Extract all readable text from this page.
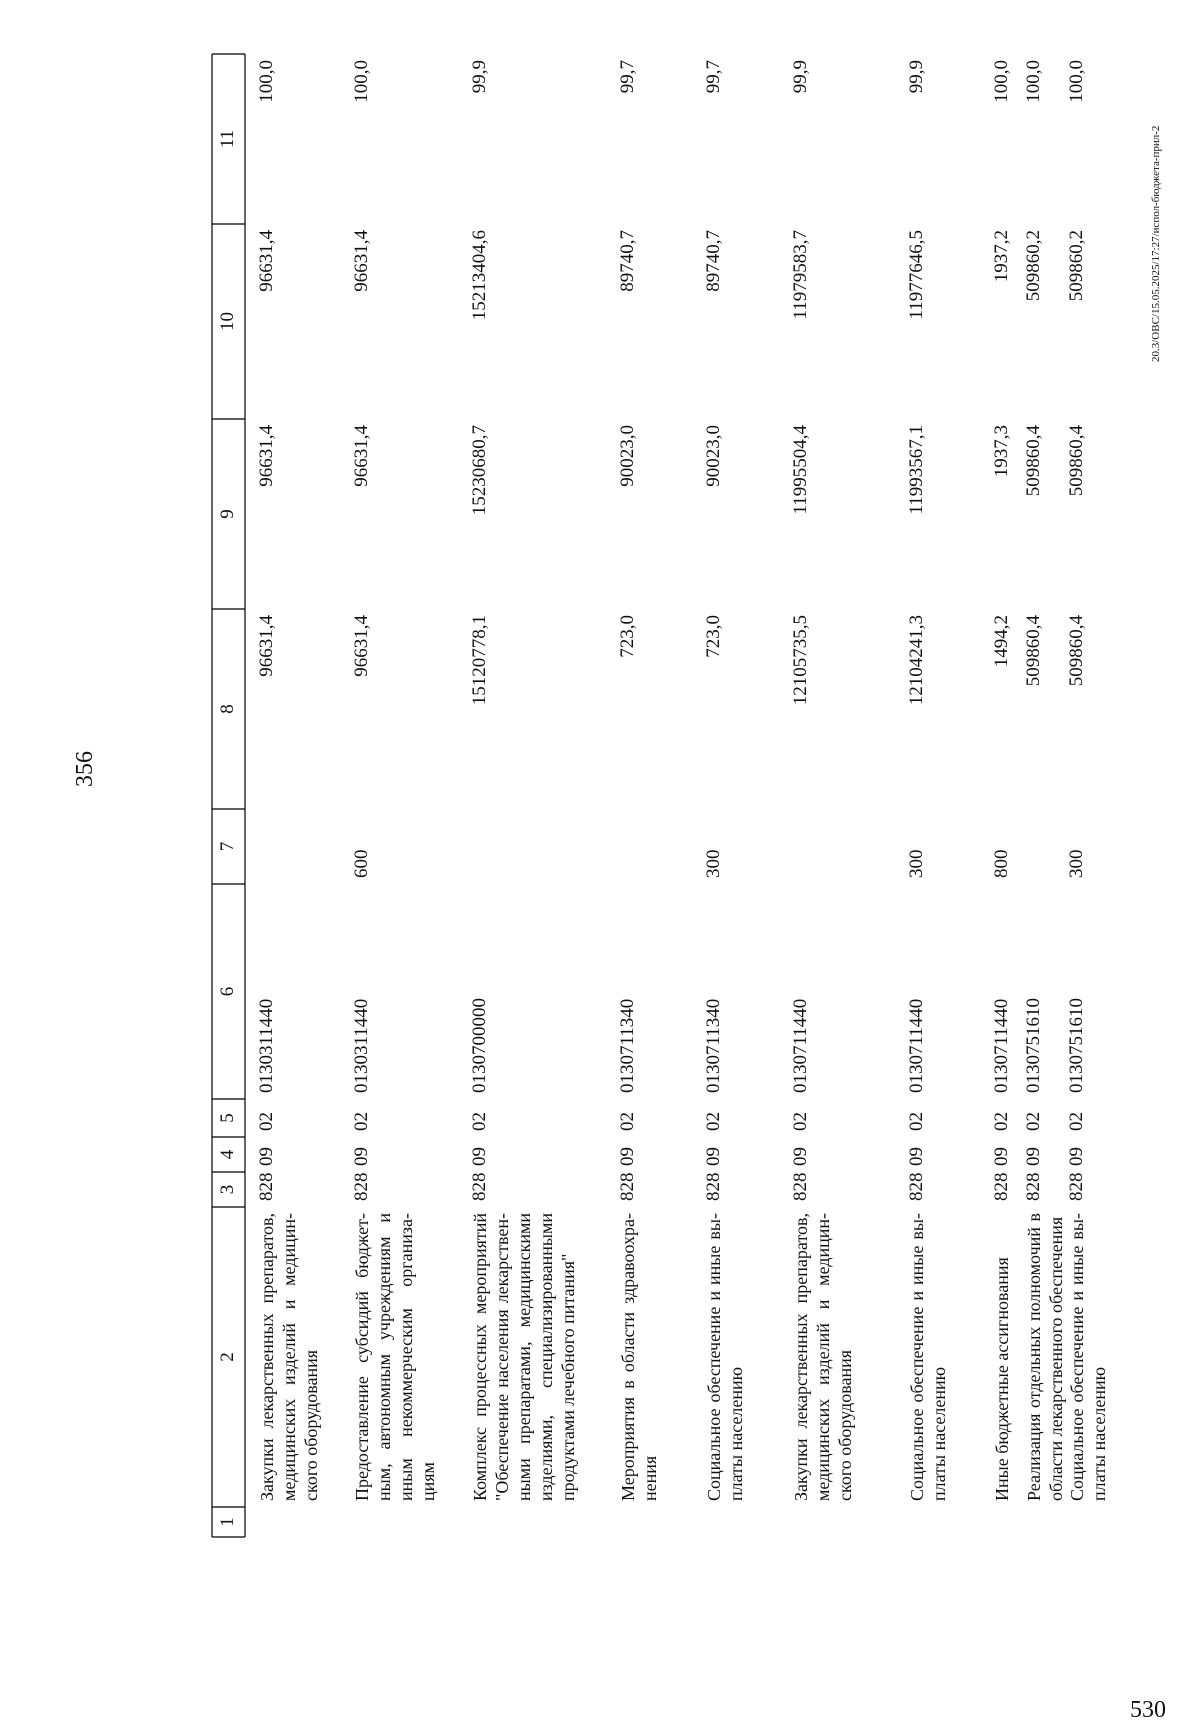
356
Закупки лекарственных препаратов, медицинских изделий и медицин-ского оборудования
828
09
02
0130311440
96631,4
96631,4
96631,4
100,0
Предоставление субсидий бюджет-ным, автономным учреждениям и иным некоммерческим организа-циям
828
09
02
0130311440
600
96631,4
96631,4
96631,4
100,0
Комплекс процессных мероприятий "Обеспечение населения лекарствен-ными препаратами, медицинскими изделиями, специализированными продуктами лечебного питания"
828
09
02
0130700000
15120778,1
15230680,7
15213404,6
99,9
Мероприятия в области здравоохра-нения
828
09
02
0130711340
723,0
90023,0
89740,7
99,7
Социальное обеспечение и иные вы-платы населению
828
09
02
0130711340
300
723,0
90023,0
89740,7
99,7
Закупки лекарственных препаратов, медицинских изделий и медицин-ского оборудования
828
09
02
0130711440
12105735,5
11995504,4
11979583,7
99,9
Социальное обеспечение и иные вы-платы населению
828
09
02
0130711440
300
12104241,3
11993567,1
11977646,5
99,9
Иные бюджетные ассигнования
828
09
02
0130711440
800
1494,2
1937,3
1937,2
100,0
Реализация отдельных полномочий в области лекарственного обеспечения
828
09
02
0130751610
509860,4
509860,4
509860,2
100,0
Социальное обеспечение и иные вы-платы населению
828
09
02
0130751610
300
509860,4
509860,4
509860,2
100,0
1
2
3
4
5
6
7
8
9
10
11
530
20.3/ОВС/15.05.2025/17:27/испол-бюджета-прил-2
